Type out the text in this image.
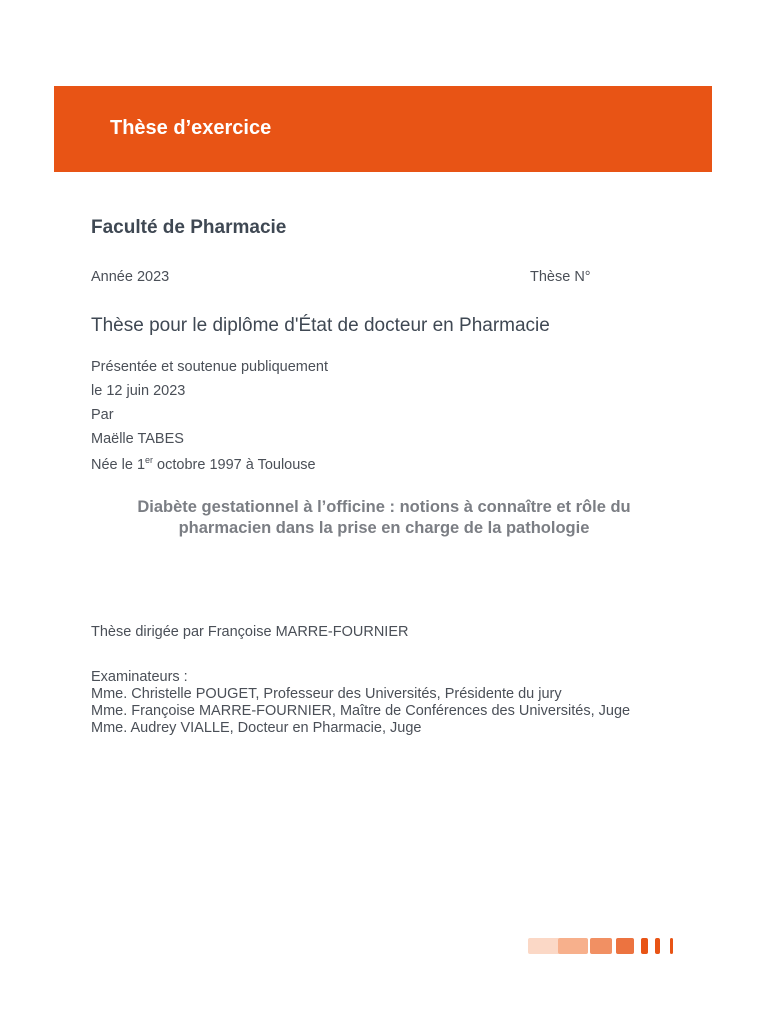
Thèse d’exercice
Faculté de Pharmacie
Année 2023	Thèse N°
Thèse pour le diplôme d'État de docteur en Pharmacie
Présentée et soutenue publiquement
le 12 juin 2023
Par
Maëlle TABES
Née le 1er octobre 1997 à Toulouse
Diabète gestationnel à l’officine : notions à connaître et rôle du
pharmacien dans la prise en charge de la pathologie
Thèse dirigée par Françoise MARRE-FOURNIER
Examinateurs :
Mme. Christelle POUGET, Professeur des Universités, Présidente du jury
Mme. Françoise MARRE-FOURNIER, Maître de Conférences des Universités, Juge
Mme. Audrey VIALLE, Docteur en Pharmacie, Juge
